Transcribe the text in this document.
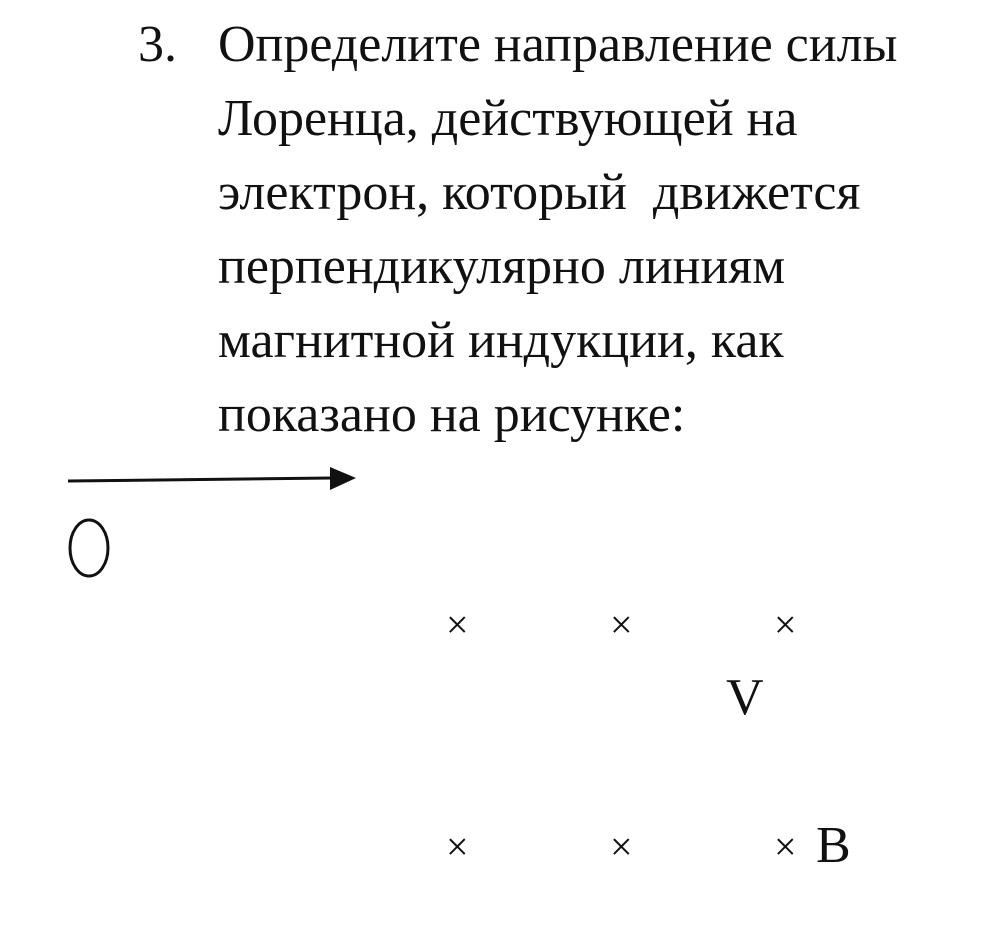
3. Определите направление силы
Лоренца, действующей на
электрон, который  движется
перпендикулярно линиям
магнитной индукции, как
показано на рисунке:

×	×	×
V
×	×	× B
